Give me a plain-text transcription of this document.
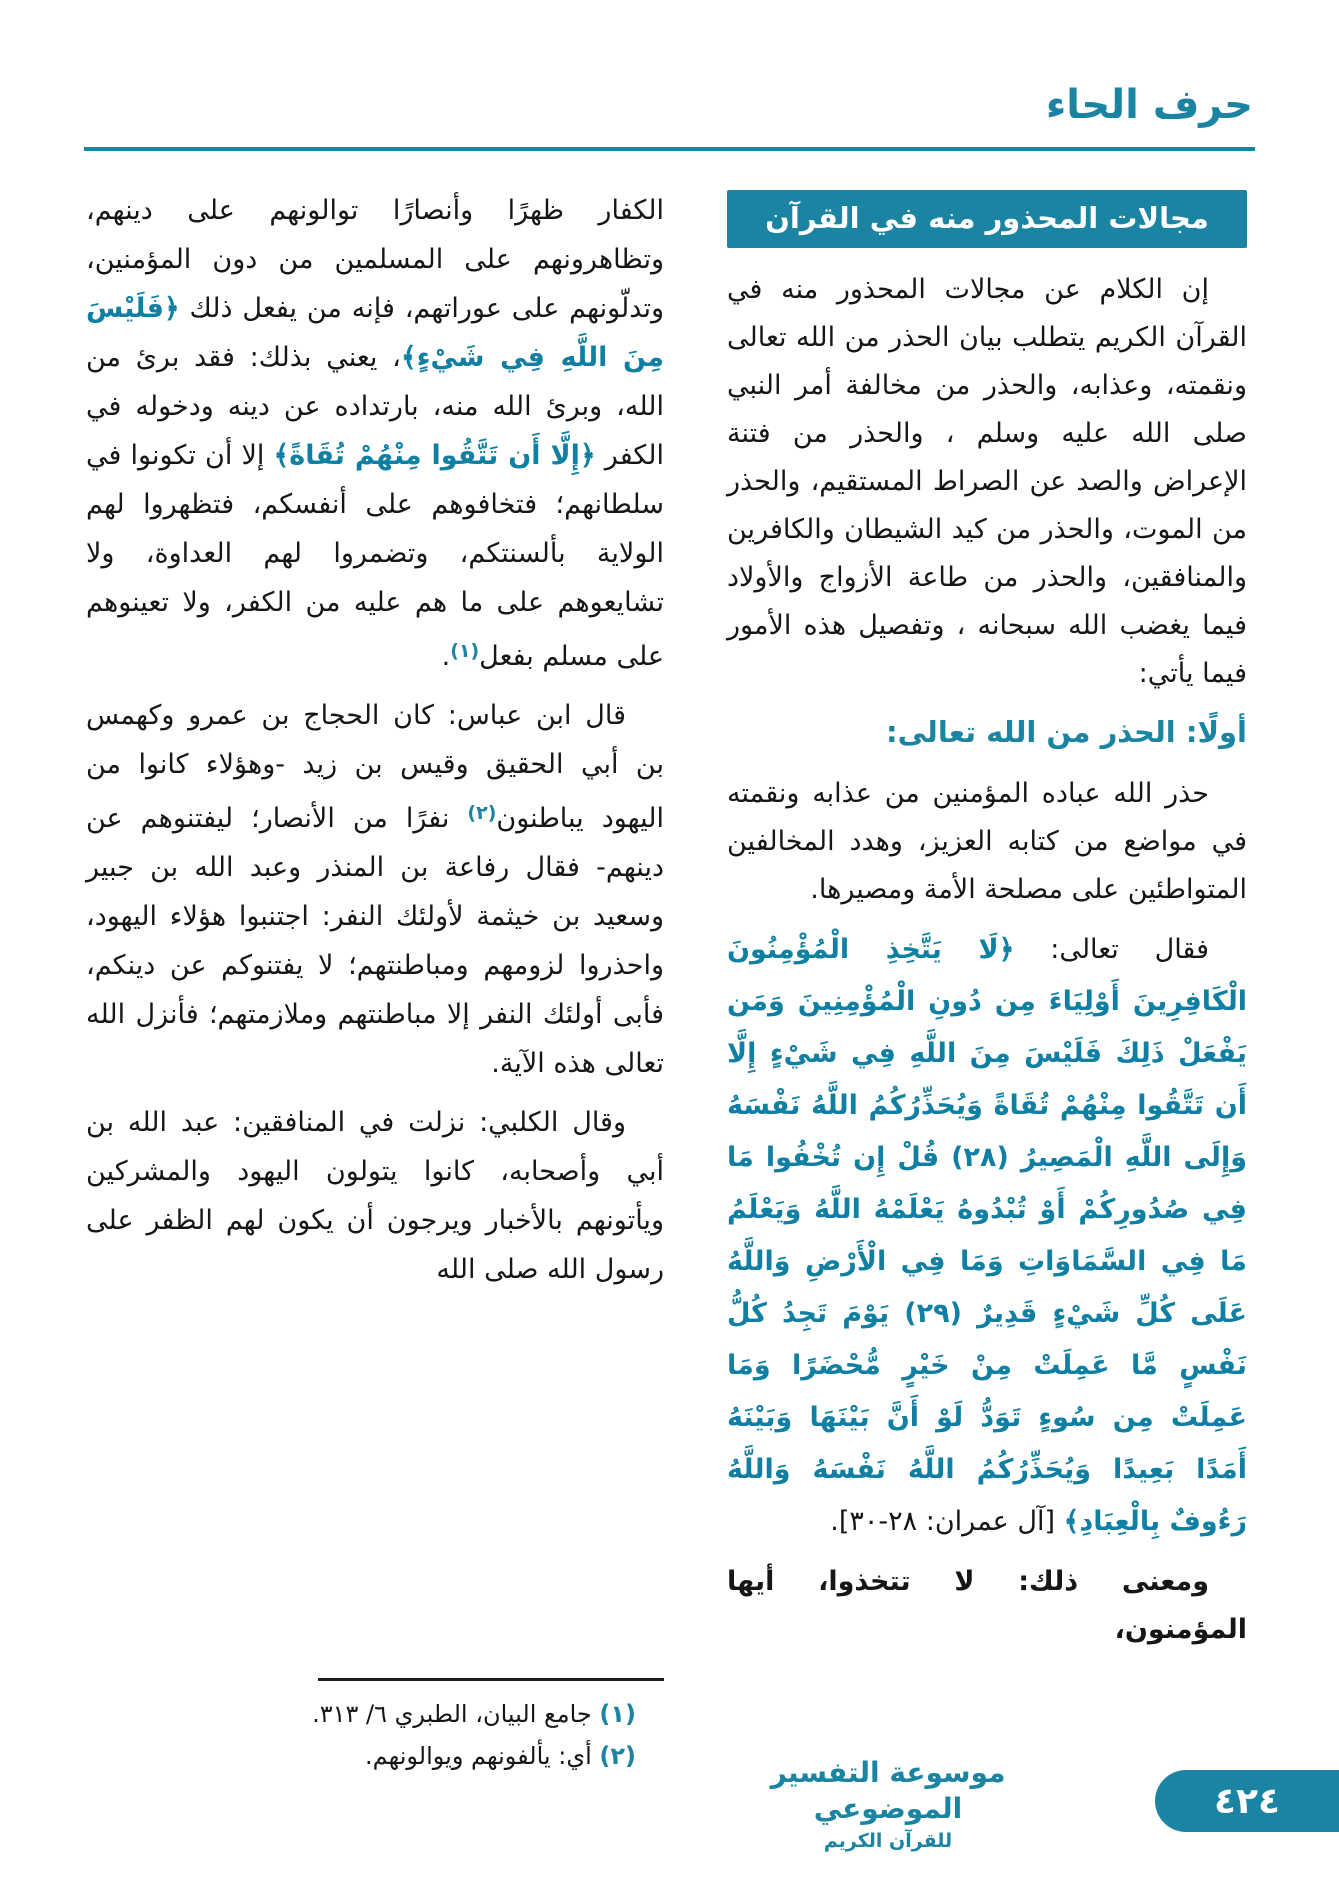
حرف الحاء
مجالات المحذور منه في القرآن

إن الكلام عن مجالات المحذور منه في القرآن الكريم يتطلب بيان الحذر من الله تعالى ونقمته، وعذابه، والحذر من مخالفة أمر النبي صلى الله عليه وسلم ، والحذر من فتنة الإعراض والصد عن الصراط المستقيم، والحذر من الموت، والحذر من كيد الشيطان والكافرين والمنافقين، والحذر من طاعة الأزواج والأولاد فيما يغضب الله سبحانه ، وتفصيل هذه الأمور فيما يأتي:

أولًا: الحذر من الله تعالى:

حذر الله عباده المؤمنين من عذابه ونقمته في مواضع من كتابه العزيز، وهدد المخالفين المتواطئين على مصلحة الأمة ومصيرها.

فقال تعالى: ﴿لَا يَتَّخِذِ الْمُؤْمِنُونَ الْكَافِرِينَ أَوْلِيَاءَ مِن دُونِ الْمُؤْمِنِينَ وَمَن يَفْعَلْ ذَلِكَ فَلَيْسَ مِنَ اللَّهِ فِي شَيْءٍ إِلَّا أَن تَتَّقُوا مِنْهُمْ تُقَاةً وَيُحَذِّرُكُمُ اللَّهُ نَفْسَهُ وَإِلَى اللَّهِ الْمَصِيرُ (٢٨) قُلْ إِن تُخْفُوا مَا فِي صُدُورِكُمْ أَوْ تُبْدُوهُ يَعْلَمْهُ اللَّهُ وَيَعْلَمُ مَا فِي السَّمَاوَاتِ وَمَا فِي الْأَرْضِ وَاللَّهُ عَلَى كُلِّ شَيْءٍ قَدِيرٌ (٢٩) يَوْمَ تَجِدُ كُلُّ نَفْسٍ مَّا عَمِلَتْ مِنْ خَيْرٍ مُّحْضَرًا وَمَا عَمِلَتْ مِن سُوءٍ تَوَدُّ لَوْ أَنَّ بَيْنَهَا وَبَيْنَهُ أَمَدًا بَعِيدًا وَيُحَذِّرُكُمُ اللَّهُ نَفْسَهُ وَاللَّهُ رَءُوفٌ بِالْعِبَادِ﴾ [آل عمران: ٢٨-٣٠].

ومعنى ذلك: لا تتخذوا، أيها المؤمنون،

الكفار ظهرًا وأنصارًا توالونهم على دينهم، وتظاهرونهم على المسلمين من دون المؤمنين، وتدلّونهم على عوراتهم، فإنه من يفعل ذلك ﴿فَلَيْسَ مِنَ اللَّهِ فِي شَيْءٍ﴾، يعني بذلك: فقد برئ من الله، وبرئ الله منه، بارتداده عن دينه ودخوله في الكفر ﴿إِلَّا أَن تَتَّقُوا مِنْهُمْ تُقَاةً﴾ إلا أن تكونوا في سلطانهم؛ فتخافوهم على أنفسكم، فتظهروا لهم الولاية بألسنتكم، وتضمروا لهم العداوة، ولا تشايعوهم على ما هم عليه من الكفر، ولا تعينوهم على مسلم بفعل$^{(١)}$.

قال ابن عباس: كان الحجاج بن عمرو وكهمس بن أبي الحقيق وقيس بن زيد -وهؤلاء كانوا من اليهود يباطنون$^{(٢)}$ نفرًا من الأنصار؛ ليفتنوهم عن دينهم- فقال رفاعة بن المنذر وعبد الله بن جبير وسعيد بن خيثمة لأولئك النفر: اجتنبوا هؤلاء اليهود، واحذروا لزومهم ومباطنتهم؛ لا يفتنوكم عن دينكم، فأبى أولئك النفر إلا مباطنتهم وملازمتهم؛ فأنزل الله تعالى هذه الآية.

وقال الكلبي: نزلت في المنافقين: عبد الله بن أبي وأصحابه، كانوا يتولون اليهود والمشركين ويأتونهم بالأخبار ويرجون أن يكون لهم الظفر على رسول الله صلى الله

(١) جامع البيان، الطبري ٦/ ٣١٣.

(٢) أي: يألفونهم ويوالونهم.	موسوعة التفسير الموضوعي
للقرآن الكريم
٤٢٤
